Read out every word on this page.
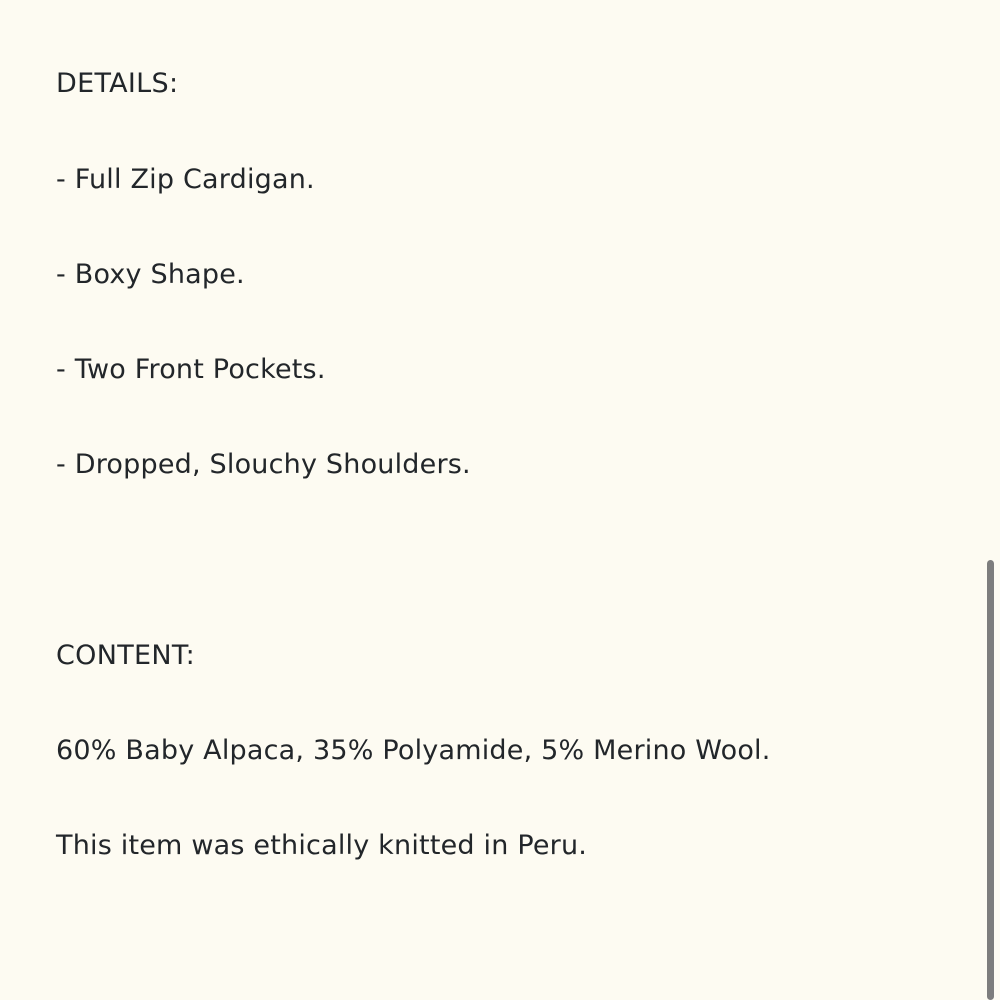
DETAILS:
- Full Zip Cardigan.
- Boxy Shape.
- Two Front Pockets.
- Dropped, Slouchy Shoulders.
CONTENT:
60% Baby Alpaca, 35% Polyamide, 5% Merino Wool.
This item was ethically knitted in Peru.
